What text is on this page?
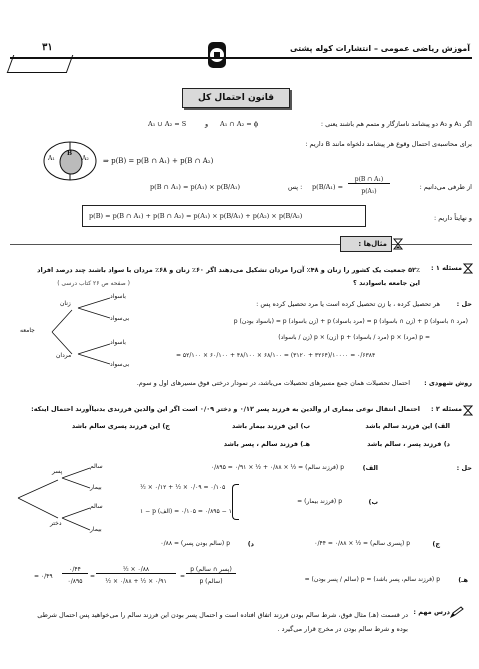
آموزش ریاضی عمومی – انتشارات کوله پشتی
۳۱
قانون احتمال کل
اگر A₁ و A₂ دو پیشامد ناسازگار و متمم هم باشند یعنی :
A₁ ∩ A₂ = ϕ
و
A₁ ∪ A₂ = S
برای محاسبه‌ی احتمال وقوع هر پیشامد دلخواه مانند B داریم :
A₁	A₂
B
⇒ p(B) = p(B ∩ A₁) + p(B ∩ A₂)
از طرفی می‌دانیم :
p(B/A₁) =
p(B ∩ A₁)
p(A₁)
پس :
p(B ∩ A₁) = p(A₁) × p(B/A₁)
و نهایتاً داریم :
p(B) = p(B ∩ A₁) + p(B ∩ A₂) = p(A₁) × p(B/A₁) + p(A₂) × p(B/A₂)
مثال‌ها :
مسئله ۱ :
۵۲٪ جمعیت یک کشور را زنان و ۴۸٪ آن‌را مردان تشکیل می‌دهند اگر ۶۰٪ زنان و ۶۸٪ مردان با سواد باشند چند درصد افراد این جامعه باسوادند ؟
( صفحه ص ۲۶ کتاب درسی )
جامعه
زنان
مردان
باسواد
بی‌سواد
باسواد
بی‌سواد
حل :
هر تحصیل کرده ، یا زن تحصیل کرده است یا مرد تحصیل کرده پس :
(مرد ∩ باسواد) p + (زن ∩ باسواد) p = (مرد باسواد) p + (زن باسواد) p = (باسواد بودن) p
= p (مرد) × p (مرد / باسواد) + p (زن) × p (زن / باسواد)
= ۵۲/۱۰۰ × ۶۰/۱۰۰ + ۴۸/۱۰۰ × ۶۸/۱۰۰ = (۳۱۲۰ + ۳۲۶۴)/۱۰۰۰۰ = ۰/۶۳۸۴
روش شهودی :
احتمال تحصیلات همان جمع مسیرهای تحصیلات می‌باشد، در نمودار درختی فوق مسیرهای اول و سوم.
مسئله ۲ :
احتمال انتقال نوعی بیماری از والدین به فرزند پسر ۰/۱۲ و دختر ۰/۰۹ است اگر این والدین فرزندی بدنیاآورند احتمال اینکه:
الف) این فرزند سالم باشد
ب) این فرزند بیمار باشد
ج) این فرزند پسری سالم باشد
د) فرزند پسر ، سالم باشد
هـ) فرزند سالم ، پسر باشد
سالم
بیمار
سالم
بیمار
پسر
دختر
حل :
الف)
p (فرزند سالم) = ½ × ۰/۸۸ + ½ × ۰/۹۱ = ۰/۸۹۵
ب)
p (فرزند بیمار) =
½ × ۰/۱۲ + ½ × ۰/۰۹ = ۰/۱۰۵
۱ − p (الف) = ۱ − ۰/۸۹۵ = ۰/۱۰۵
ج)
p (پسری سالم) = ½ × ۰/۸۸ = ۰/۴۴
د)
p (سالم بودن پسر) = ۰/۸۸
هـ)
p (فرزند سالم، پسر باشد) = p (سالم / پسر بودن) =
p (پسر ∩ سالم)
p (سالم)
=
½ × ۰/۸۸
½ × ۰/۸۸ + ½ × ۰/۹۱
=
۰/۴۴
۰/۸۹۵
= ۰/۴۹
درس مهم :
در قسمت (هـ) مثال فوق، شرط سالم بودن فرزند اتفاق افتاده است و احتمال پسر بودن این فرزند سالم را می‌خواهید پس احتمال شرطی بوده و شرط سالم بودن در مخرج قرار می‌گیرد .
